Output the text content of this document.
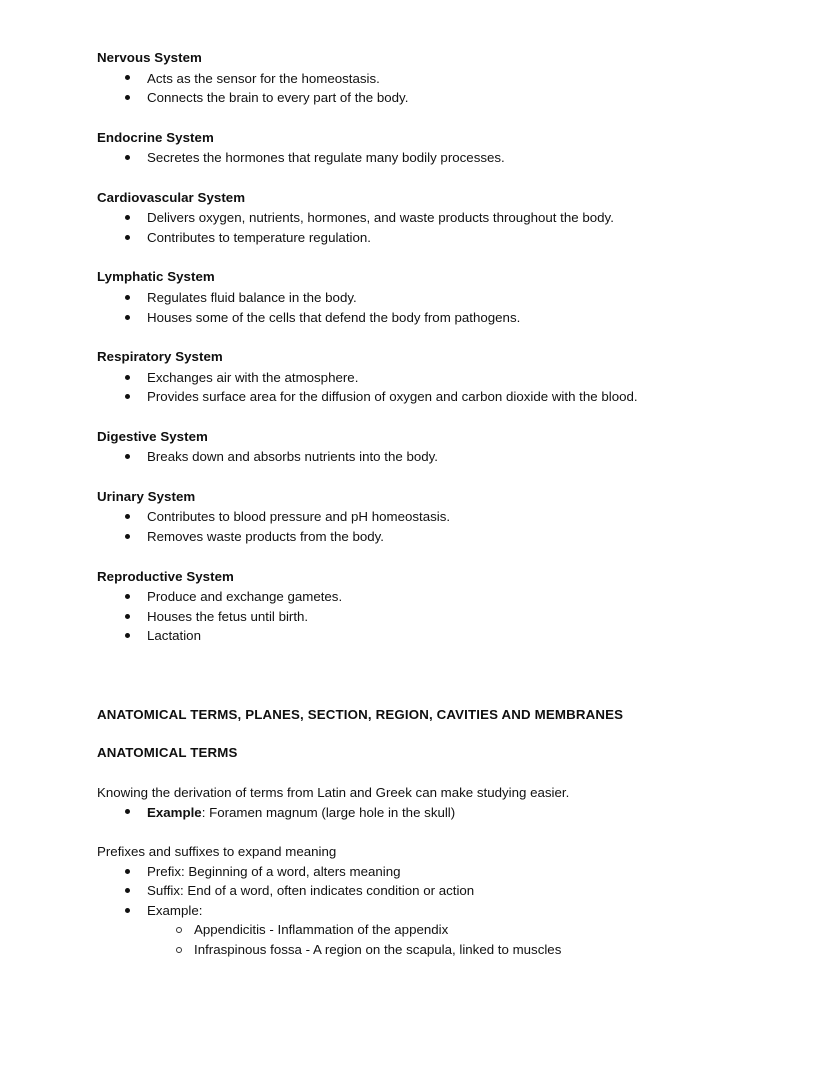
Nervous System
Acts as the sensor for the homeostasis.
Connects the brain to every part of the body.
Endocrine System
Secretes the hormones that regulate many bodily processes.
Cardiovascular System
Delivers oxygen, nutrients, hormones, and waste products throughout the body.
Contributes to temperature regulation.
Lymphatic System
Regulates fluid balance in the body.
Houses some of the cells that defend the body from pathogens.
Respiratory System
Exchanges air with the atmosphere.
Provides surface area for the diffusion of oxygen and carbon dioxide with the blood.
Digestive System
Breaks down and absorbs nutrients into the body.
Urinary System
Contributes to blood pressure and pH homeostasis.
Removes waste products from the body.
Reproductive System
Produce and exchange gametes.
Houses the fetus until birth.
Lactation
ANATOMICAL TERMS, PLANES, SECTION, REGION, CAVITIES AND MEMBRANES
ANATOMICAL TERMS

Knowing the derivation of terms from Latin and Greek can make studying easier.

Example: Foramen magnum (large hole in the skull)

Prefixes and suffixes to expand meaning

Prefix: Beginning of a word, alters meaning
Suffix: End of a word, often indicates condition or action
Example:
Appendicitis - Inflammation of the appendix
Infraspinous fossa - A region on the scapula, linked to muscles
